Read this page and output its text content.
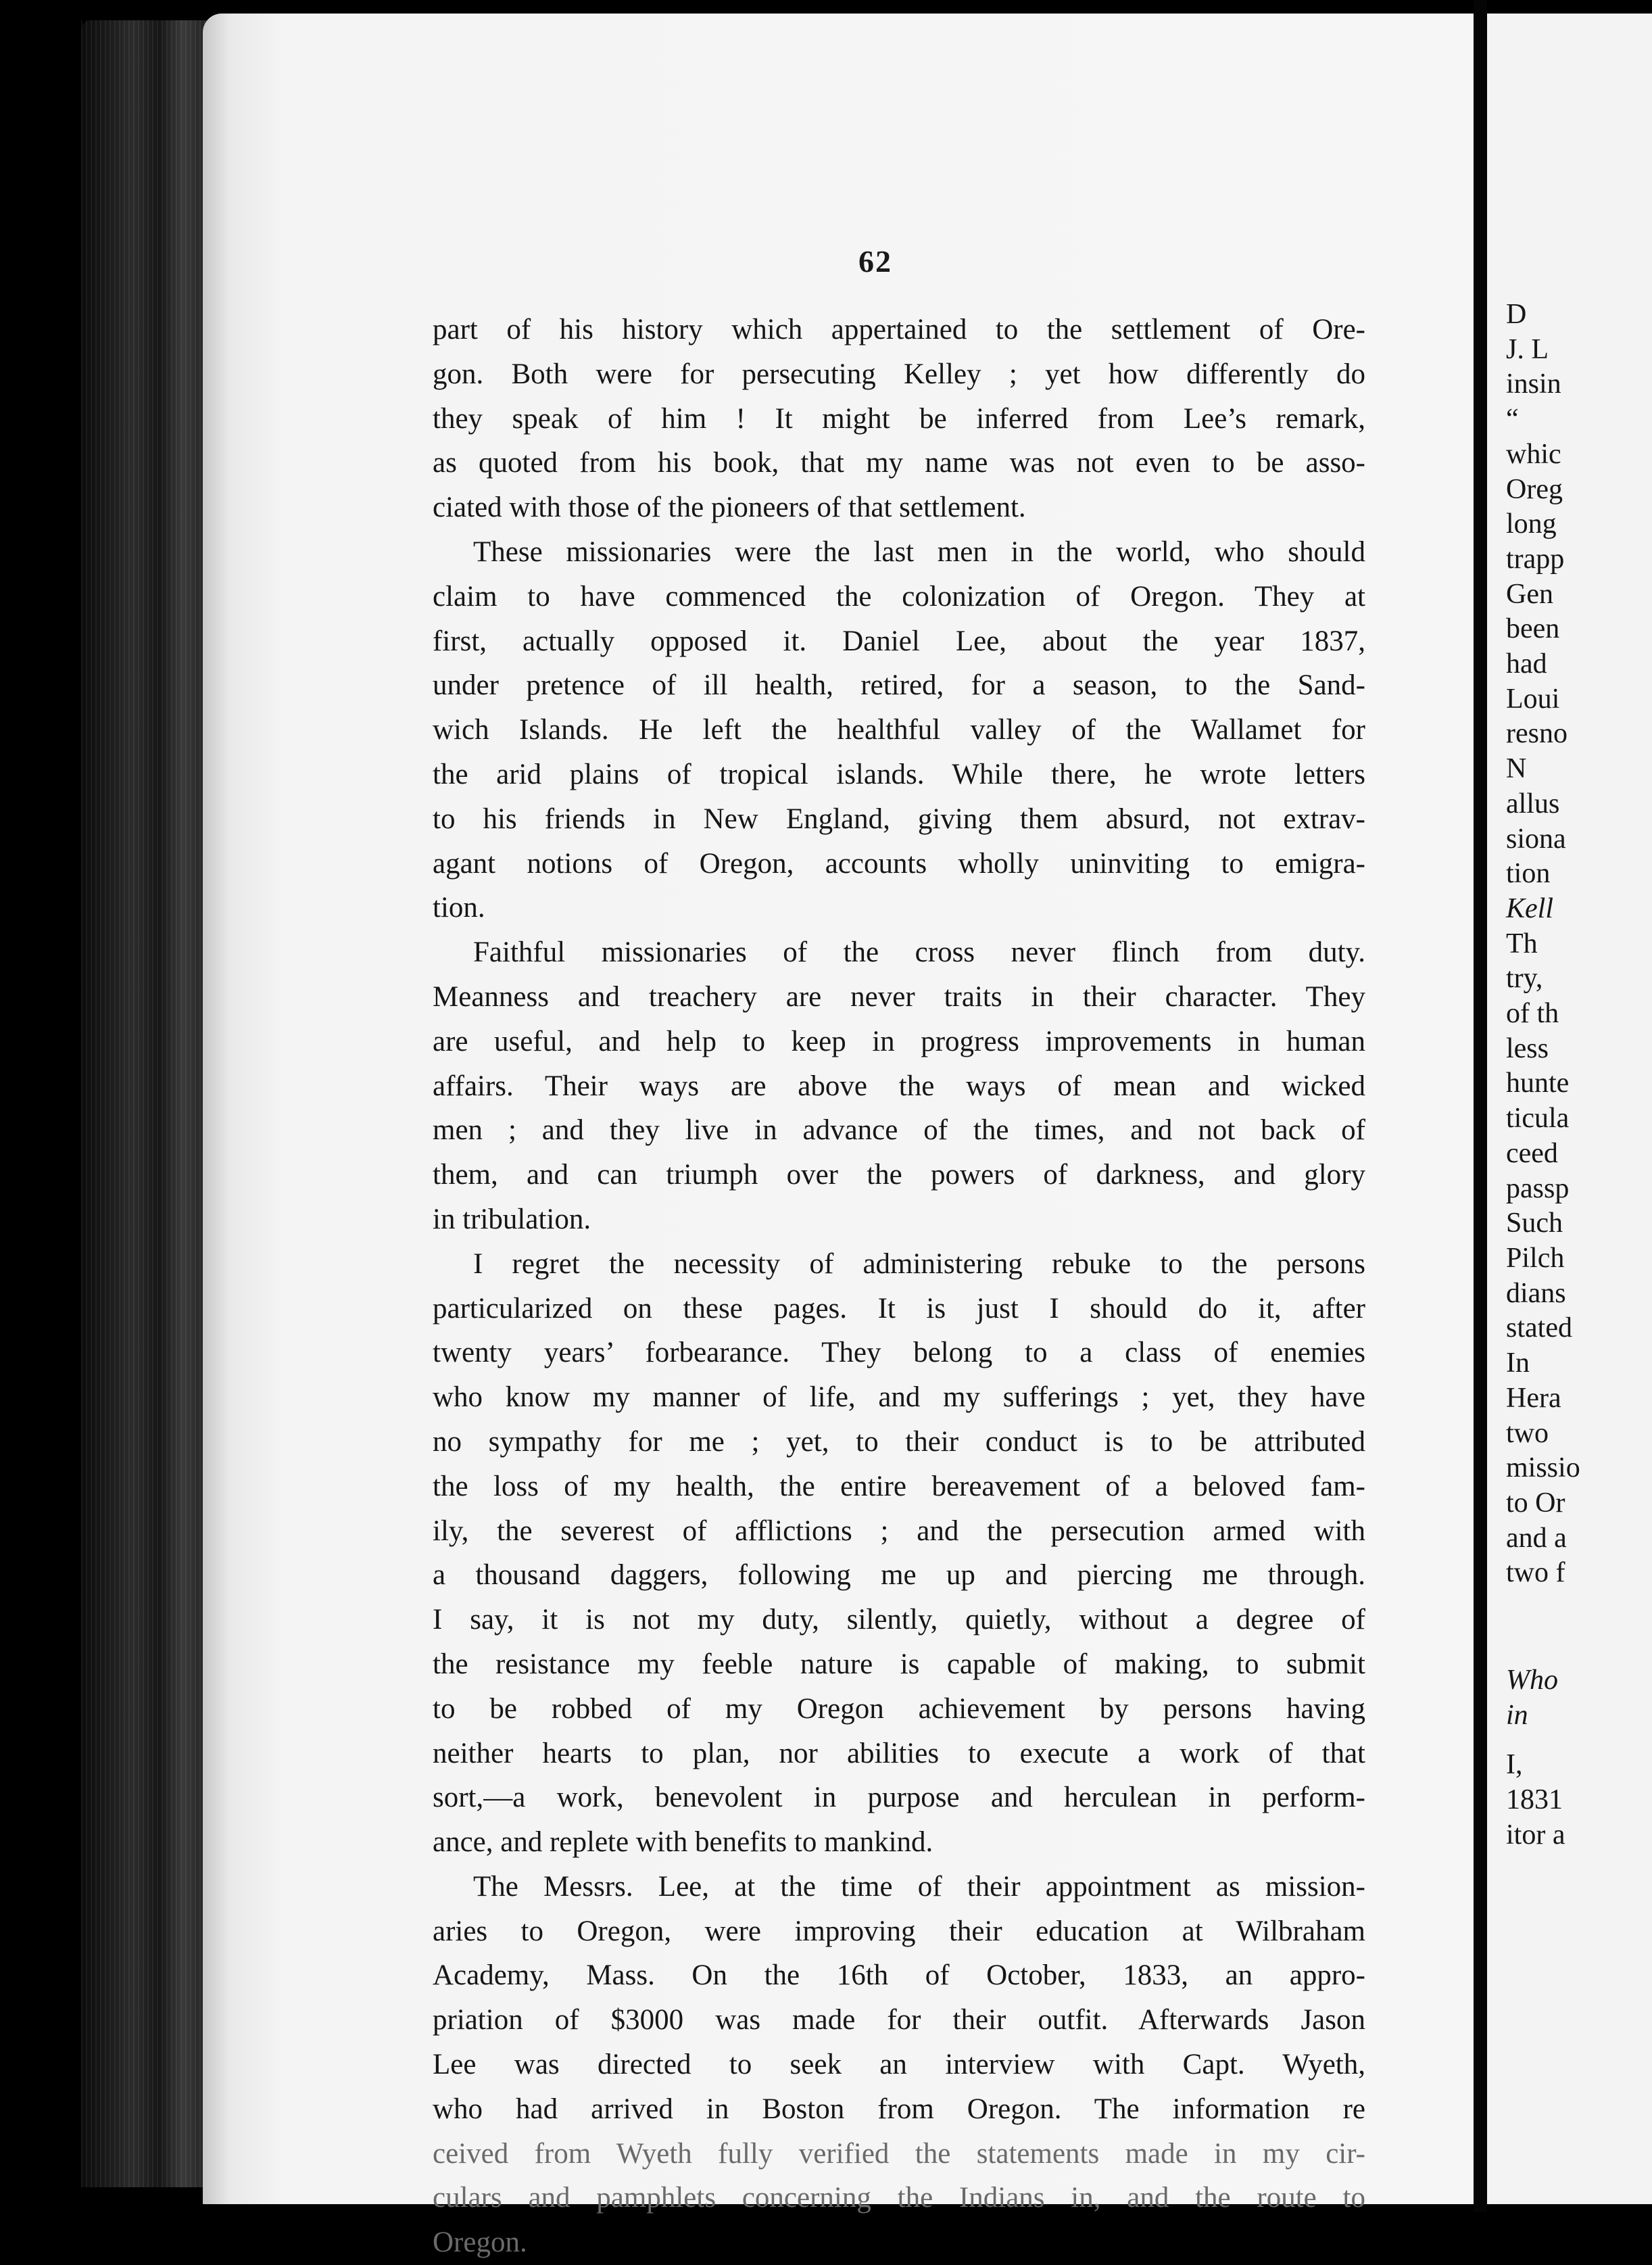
62

part of his history which appertained to the settlement of Ore-
gon. Both were for persecuting Kelley ; yet how differently do
they speak of him ! It might be inferred from Lee’s remark,
as quoted from his book, that my name was not even to be asso-
ciated with those of the pioneers of that settlement.

These missionaries were the last men in the world, who should
claim to have commenced the colonization of Oregon. They at
first, actually opposed it. Daniel Lee, about the year 1837,
under pretence of ill health, retired, for a season, to the Sand-
wich Islands. He left the healthful valley of the Wallamet for
the arid plains of tropical islands. While there, he wrote letters
to his friends in New England, giving them absurd, not extrav-
agant notions of Oregon, accounts wholly uninviting to emigra-
tion.

Faithful missionaries of the cross never flinch from duty.
Meanness and treachery are never traits in their character. They
are useful, and help to keep in progress improvements in human
affairs. Their ways are above the ways of mean and wicked
men ; and they live in advance of the times, and not back of
them, and can triumph over the powers of darkness, and glory
in tribulation.

I regret the necessity of administering rebuke to the persons
particularized on these pages. It is just I should do it, after
twenty years’ forbearance. They belong to a class of enemies
who know my manner of life, and my sufferings ; yet, they have
no sympathy for me ; yet, to their conduct is to be attributed
the loss of my health, the entire bereavement of a beloved fam-
ily, the severest of afflictions ; and the persecution armed with
a thousand daggers, following me up and piercing me through.
I say, it is not my duty, silently, quietly, without a degree of
the resistance my feeble nature is capable of making, to submit
to be robbed of my Oregon achievement by persons having
neither hearts to plan, nor abilities to execute a work of that
sort,—a work, benevolent in purpose and herculean in perform-
ance, and replete with benefits to mankind.

The Messrs. Lee, at the time of their appointment as mission-
aries to Oregon, were improving their education at Wilbraham
Academy, Mass. On the 16th of October, 1833, an appro-
priation of $3000 was made for their outfit. Afterwards Jason
Lee was directed to seek an interview with Capt. Wyeth,
who had arrived in Boston from Oregon. The information re
ceived from Wyeth fully verified the statements made in my cir-
culars and pamphlets concerning the Indians in, and the route to
Oregon.

D
J. L
insin
“
whic
Oreg
long
trapp
Gen
been
had
Loui
resno
N
allus
siona
tion
Kell
Th
try,
of th
less
hunte
ticula
ceed
passp
Such
Pilch
dians
stated
In
Hera
two
missio
to Or
and a
two f
Who
in
I,
1831
itor a
